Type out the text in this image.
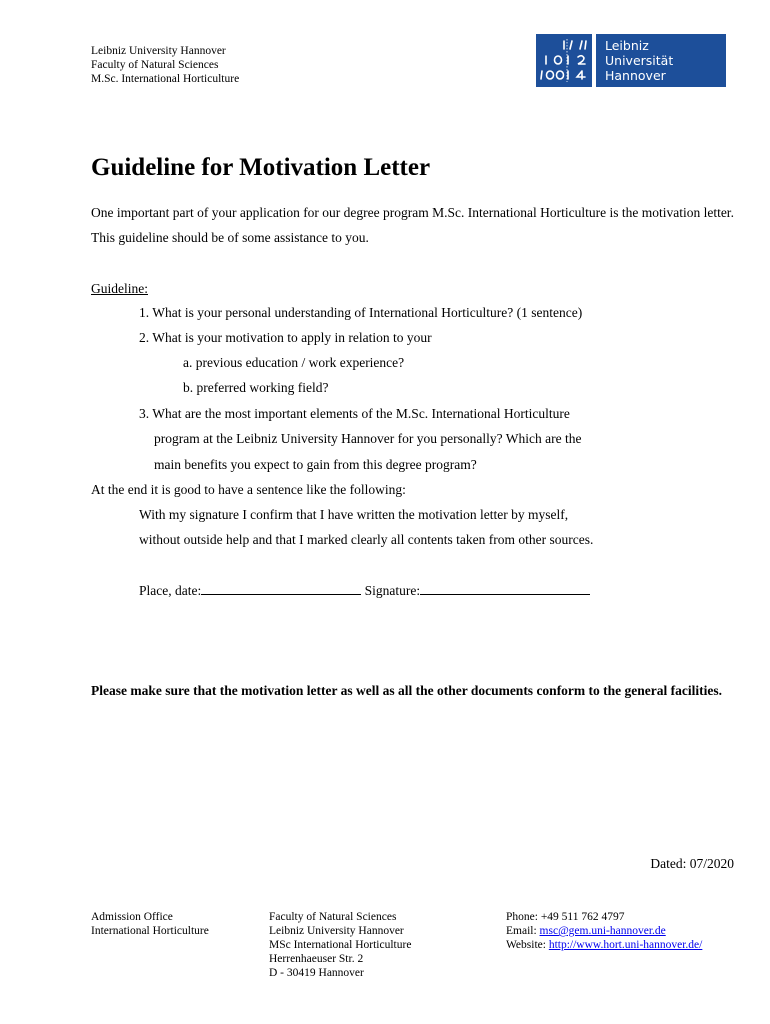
Leibniz University Hannover
Faculty of Natural Sciences
M.Sc. International Horticulture
Leibniz
Universität
Hannover
Guideline for Motivation Letter
One important part of your application for our degree program M.Sc. International Horticulture is the motivation letter. This guideline should be of some assistance to you.
Guideline:
1. What is your personal understanding of International Horticulture? (1 sentence)
2. What is your motivation to apply in relation to your
a. previous education / work experience?
b. preferred working field?
3. What are the most important elements of the M.Sc. International Horticulture
program at the Leibniz University Hannover for you personally? Which are the
main benefits you expect to gain from this degree program?
At the end it is good to have a sentence like the following:
With my signature I confirm that I have written the motivation letter by myself,
without outside help and that I marked clearly all contents taken from other sources.
Place, date:	Signature:
Please make sure that the motivation letter as well as all the other documents conform to the general facilities.
Dated: 07/2020
Admission Office
International Horticulture
Faculty of Natural Sciences
Leibniz University Hannover
MSc International Horticulture
Herrenhaeuser Str. 2
D - 30419 Hannover
Phone: +49 511 762 4797
Email: msc@gem.uni-hannover.de
Website: http://www.hort.uni-hannover.de/
